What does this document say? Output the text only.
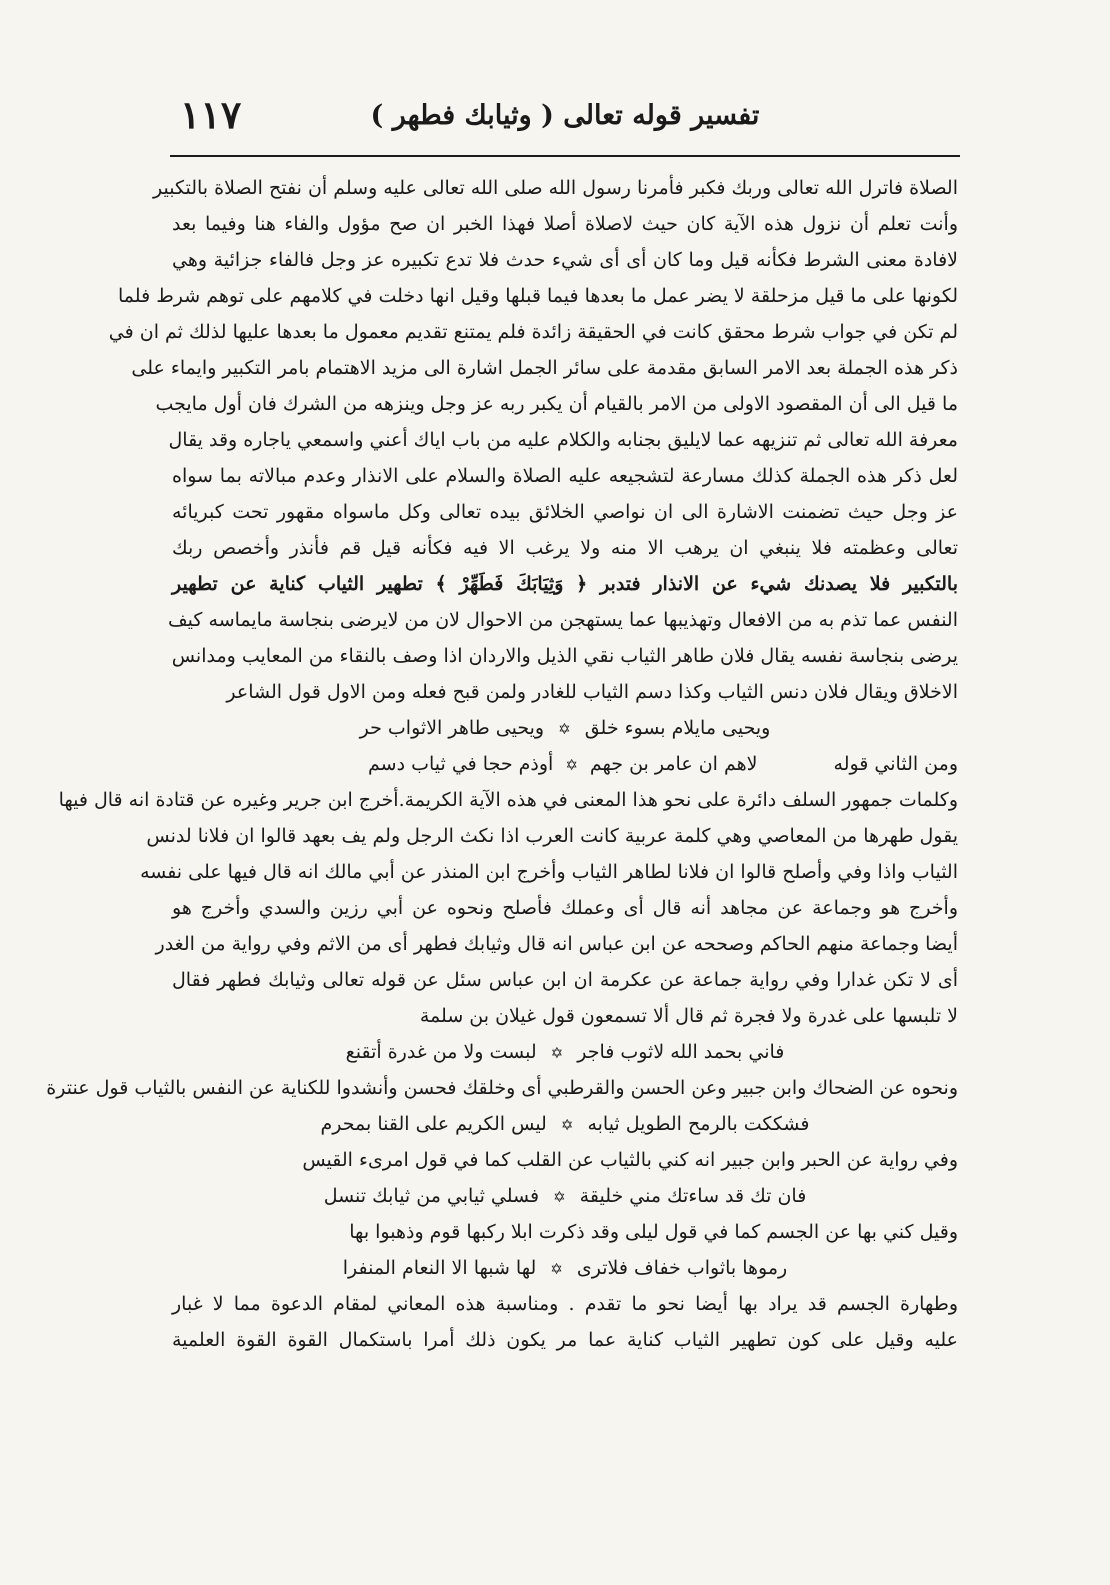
تفسير قوله تعالى ( وثيابك فطهر )
١١٧
الصلاة فاترل الله تعالى وربك فكبر فأمرنا رسول الله صلى الله تعالى عليه وسلم أن نفتح الصلاة بالتكبير
وأنت تعلم أن نزول هذه الآية كان حيث لاصلاة أصلا فهذا الخبر ان صح مؤول والفاء هنا وفيما بعد
لافادة معنى الشرط فكأنه قيل وما كان أى أى شيء حدث فلا تدع تكبيره عز وجل فالفاء جزائية وهي
لكونها على ما قيل مزحلقة لا يضر عمل ما بعدها فيما قبلها وقيل انها دخلت في كلامهم على توهم شرط فلما
لم تكن في جواب شرط محقق كانت في الحقيقة زائدة فلم يمتنع تقديم معمول ما بعدها عليها لذلك ثم ان في
ذكر هذه الجملة بعد الامر السابق مقدمة على سائر الجمل اشارة الى مزيد الاهتمام بامر التكبير وايماء على
ما قيل الى أن المقصود الاولى من الامر بالقيام أن يكبر ربه عز وجل وينزهه من الشرك فان أول مايجب
معرفة الله تعالى ثم تنزيهه عما لايليق بجنابه والكلام عليه من باب اياك أعني واسمعي ياجاره وقد يقال
لعل ذكر هذه الجملة كذلك مسارعة لتشجيعه عليه الصلاة والسلام على الانذار وعدم مبالاته بما سواه
عز وجل حيث تضمنت الاشارة الى ان نواصي الخلائق بيده تعالى وكل ماسواه مقهور تحت كبريائه
تعالى وعظمته فلا ينبغي ان يرهب الا منه ولا يرغب الا فيه فكأنه قيل قم فأنذر وأخصص ربك
بالتكبير فلا يصدنك شيء عن الانذار فتدبر ﴿ وَثِيَابَكَ فَطَهِّرْ ﴾ تطهير الثياب كناية عن تطهير
النفس عما تذم به من الافعال وتهذيبها عما يستهجن من الاحوال لان من لايرضى بنجاسة مايماسه كيف
يرضى بنجاسة نفسه يقال فلان طاهر الثياب نقي الذيل والاردان اذا وصف بالنقاء من المعايب ومدانس
الاخلاق ويقال فلان دنس الثياب وكذا دسم الثياب للغادر ولمن قبح فعله ومن الاول قول الشاعر
ويحيى مايلام بسوء خلق✡ويحيى طاهر الاثواب حر
ومن الثاني قوله لاهم ان عامر بن جهم✡أوذم حجا في ثياب دسم
وكلمات جمهور السلف دائرة على نحو هذا المعنى في هذه الآية الكريمة.أخرج ابن جرير وغيره عن قتادة انه قال فيها
يقول طهرها من المعاصي وهي كلمة عربية كانت العرب اذا نكث الرجل ولم يف بعهد قالوا ان فلانا لدنس
الثياب واذا وفي وأصلح قالوا ان فلانا لطاهر الثياب وأخرج ابن المنذر عن أبي مالك انه قال فيها على نفسه
وأخرج هو وجماعة عن مجاهد أنه قال أى وعملك فأصلح ونحوه عن أبي رزين والسدي وأخرج هو
أيضا وجماعة منهم الحاكم وصححه عن ابن عباس انه قال وثيابك فطهر أى من الاثم وفي رواية من الغدر
أى لا تكن غدارا وفي رواية جماعة عن عكرمة ان ابن عباس سئل عن قوله تعالى وثيابك فطهر فقال
لا تلبسها على غدرة ولا فجرة ثم قال ألا تسمعون قول غيلان بن سلمة
فاني بحمد الله لاثوب فاجر✡لبست ولا من غدرة أتقنع
ونحوه عن الضحاك وابن جبير وعن الحسن والقرطبي أى وخلقك فحسن وأنشدوا للكناية عن النفس بالثياب قول عنترة
فشككت بالرمح الطويل ثيابه✡ليس الكريم على القنا بمحرم
وفي رواية عن الحبر وابن جبير انه كني بالثياب عن القلب كما في قول امرىء القيس
فان تك قد ساءتك مني خليقة✡فسلي ثيابي من ثيابك تنسل
وقيل كني بها عن الجسم كما في قول ليلى وقد ذكرت ابلا ركبها قوم وذهبوا بها
رموها باثواب خفاف فلاترى✡لها شبها الا النعام المنفرا
وطهارة الجسم قد يراد بها أيضا نحو ما تقدم . ومناسبة هذه المعاني لمقام الدعوة مما لا غبار
عليه وقيل على كون تطهير الثياب كناية عما مر يكون ذلك أمرا باستكمال القوة القوة العلمية
